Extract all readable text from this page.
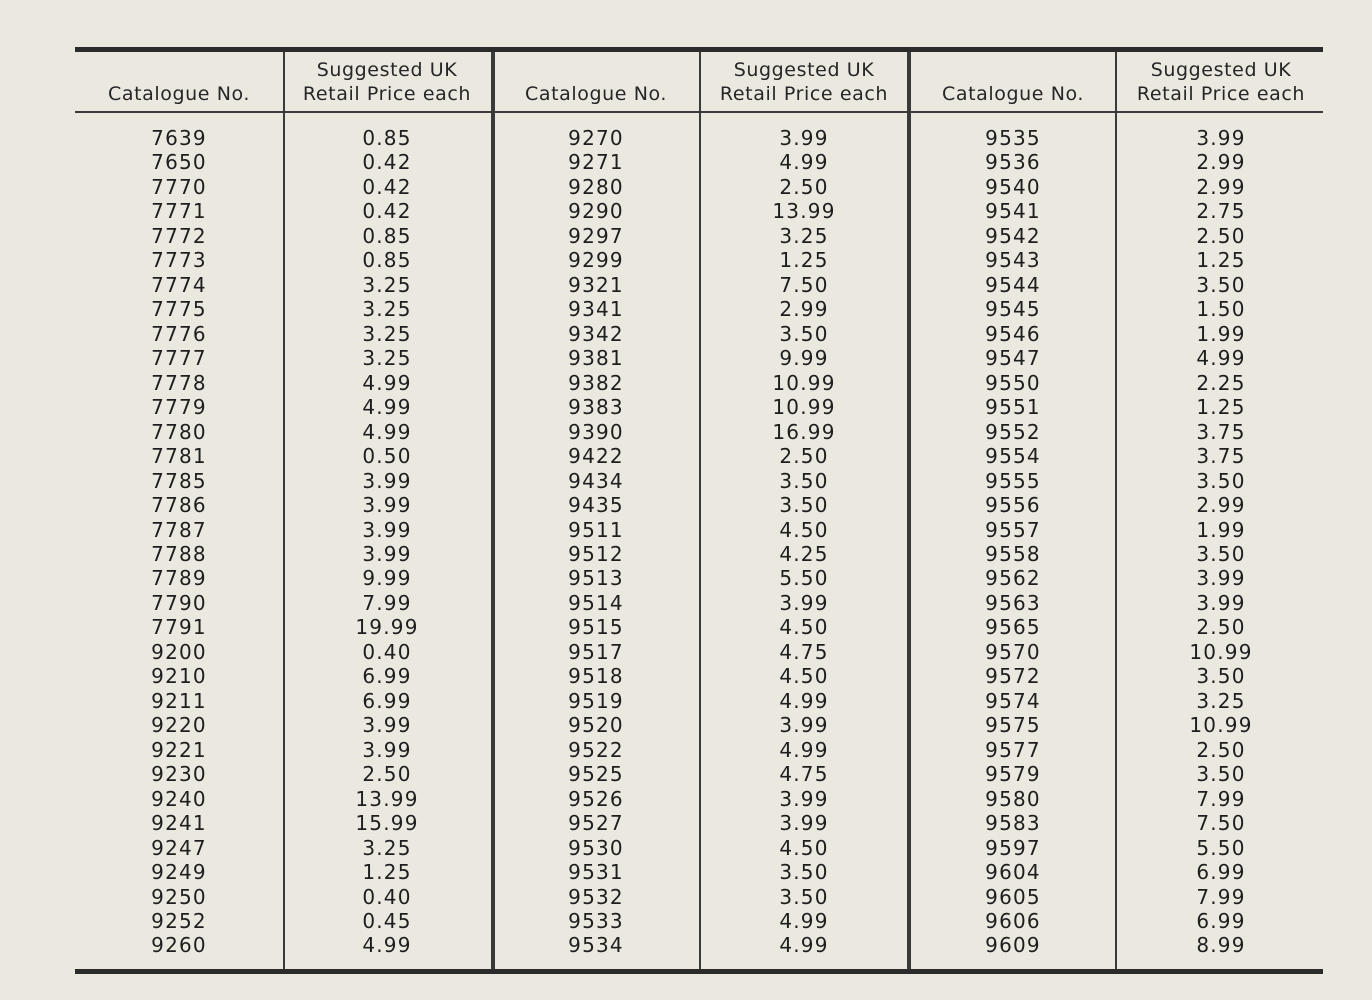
Catalogue No.
7639
7650
7770
7771
7772
7773
7774
7775
7776
7777
7778
7779
7780
7781
7785
7786
7787
7788
7789
7790
7791
9200
9210
9211
9220
9221
9230
9240
9241
9247
9249
9250
9252
9260
Suggested UK
Retail Price each
0.85
0.42
0.42
0.42
0.85
0.85
3.25
3.25
3.25
3.25
4.99
4.99
4.99
0.50
3.99
3.99
3.99
3.99
9.99
7.99
19.99
0.40
6.99
6.99
3.99
3.99
2.50
13.99
15.99
3.25
1.25
0.40
0.45
4.99
Catalogue No.
9270
9271
9280
9290
9297
9299
9321
9341
9342
9381
9382
9383
9390
9422
9434
9435
9511
9512
9513
9514
9515
9517
9518
9519
9520
9522
9525
9526
9527
9530
9531
9532
9533
9534
Suggested UK
Retail Price each
3.99
4.99
2.50
13.99
3.25
1.25
7.50
2.99
3.50
9.99
10.99
10.99
16.99
2.50
3.50
3.50
4.50
4.25
5.50
3.99
4.50
4.75
4.50
4.99
3.99
4.99
4.75
3.99
3.99
4.50
3.50
3.50
4.99
4.99
Catalogue No.
9535
9536
9540
9541
9542
9543
9544
9545
9546
9547
9550
9551
9552
9554
9555
9556
9557
9558
9562
9563
9565
9570
9572
9574
9575
9577
9579
9580
9583
9597
9604
9605
9606
9609
Suggested UK
Retail Price each
3.99
2.99
2.99
2.75
2.50
1.25
3.50
1.50
1.99
4.99
2.25
1.25
3.75
3.75
3.50
2.99
1.99
3.50
3.99
3.99
2.50
10.99
3.50
3.25
10.99
2.50
3.50
7.99
7.50
5.50
6.99
7.99
6.99
8.99
